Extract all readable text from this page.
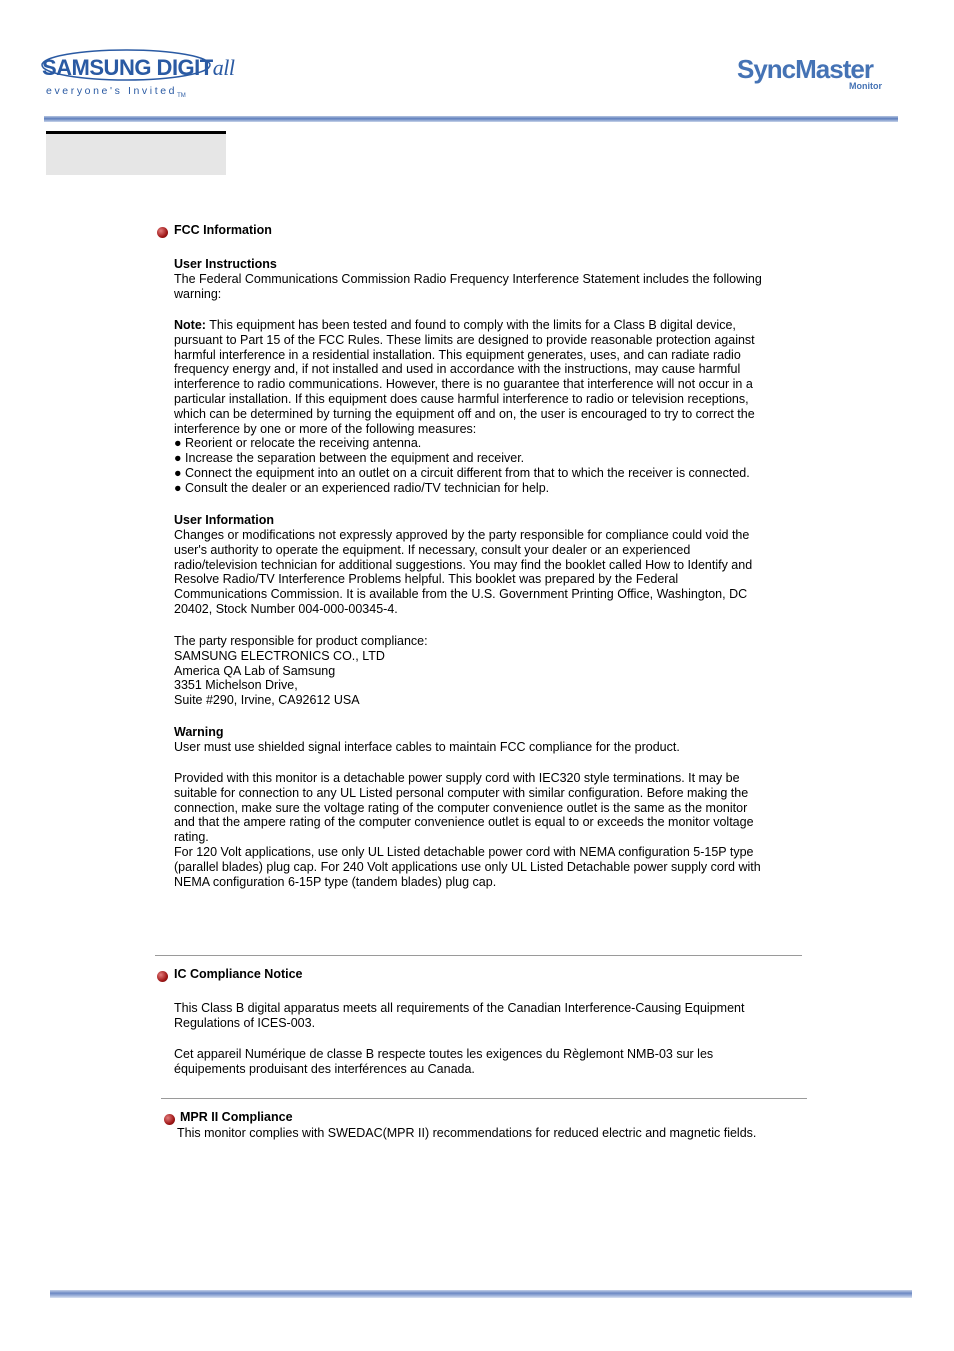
SAMSUNG DIGITall
everyone's Invited$_{TM}$
SyncMaster
Monitor
FCC Information
User Instructions
The Federal Communications Commission Radio Frequency Interference Statement includes the following
warning:
Note: This equipment has been tested and found to comply with the limits for a Class B digital device,
pursuant to Part 15 of the FCC Rules. These limits are designed to provide reasonable protection against
harmful interference in a residential installation. This equipment generates, uses, and can radiate radio
frequency energy and, if not installed and used in accordance with the instructions, may cause harmful
interference to radio communications. However, there is no guarantee that interference will not occur in a
particular installation. If this equipment does cause harmful interference to radio or television receptions,
which can be determined by turning the equipment off and on, the user is encouraged to try to correct the
interference by one or more of the following measures:
● Reorient or relocate the receiving antenna.
● Increase the separation between the equipment and receiver.
● Connect the equipment into an outlet on a circuit different from that to which the receiver is connected.
● Consult the dealer or an experienced radio/TV technician for help.
User Information
Changes or modifications not expressly approved by the party responsible for compliance could void the
user's authority to operate the equipment. If necessary, consult your dealer or an experienced
radio/television technician for additional suggestions. You may find the booklet called How to Identify and
Resolve Radio/TV Interference Problems helpful. This booklet was prepared by the Federal
Communications Commission. It is available from the U.S. Government Printing Office, Washington, DC
20402, Stock Number 004-000-00345-4.
The party responsible for product compliance:
SAMSUNG ELECTRONICS CO., LTD
America QA Lab of Samsung
3351 Michelson Drive,
Suite #290, Irvine, CA92612 USA
Warning
User must use shielded signal interface cables to maintain FCC compliance for the product.
Provided with this monitor is a detachable power supply cord with IEC320 style terminations. It may be
suitable for connection to any UL Listed personal computer with similar configuration. Before making the
connection, make sure the voltage rating of the computer convenience outlet is the same as the monitor
and that the ampere rating of the computer convenience outlet is equal to or exceeds the monitor voltage
rating.
For 120 Volt applications, use only UL Listed detachable power cord with NEMA configuration 5-15P type
(parallel blades) plug cap. For 240 Volt applications use only UL Listed Detachable power supply cord with
NEMA configuration 6-15P type (tandem blades) plug cap.
IC Compliance Notice
This Class B digital apparatus meets all requirements of the Canadian Interference-Causing Equipment
Regulations of ICES-003.
Cet appareil Numérique de classe B respecte toutes les exigences du Règlemont NMB-03 sur les
équipements produisant des interférences au Canada.
MPR II Compliance
This monitor complies with SWEDAC(MPR II) recommendations for reduced electric and magnetic fields.
